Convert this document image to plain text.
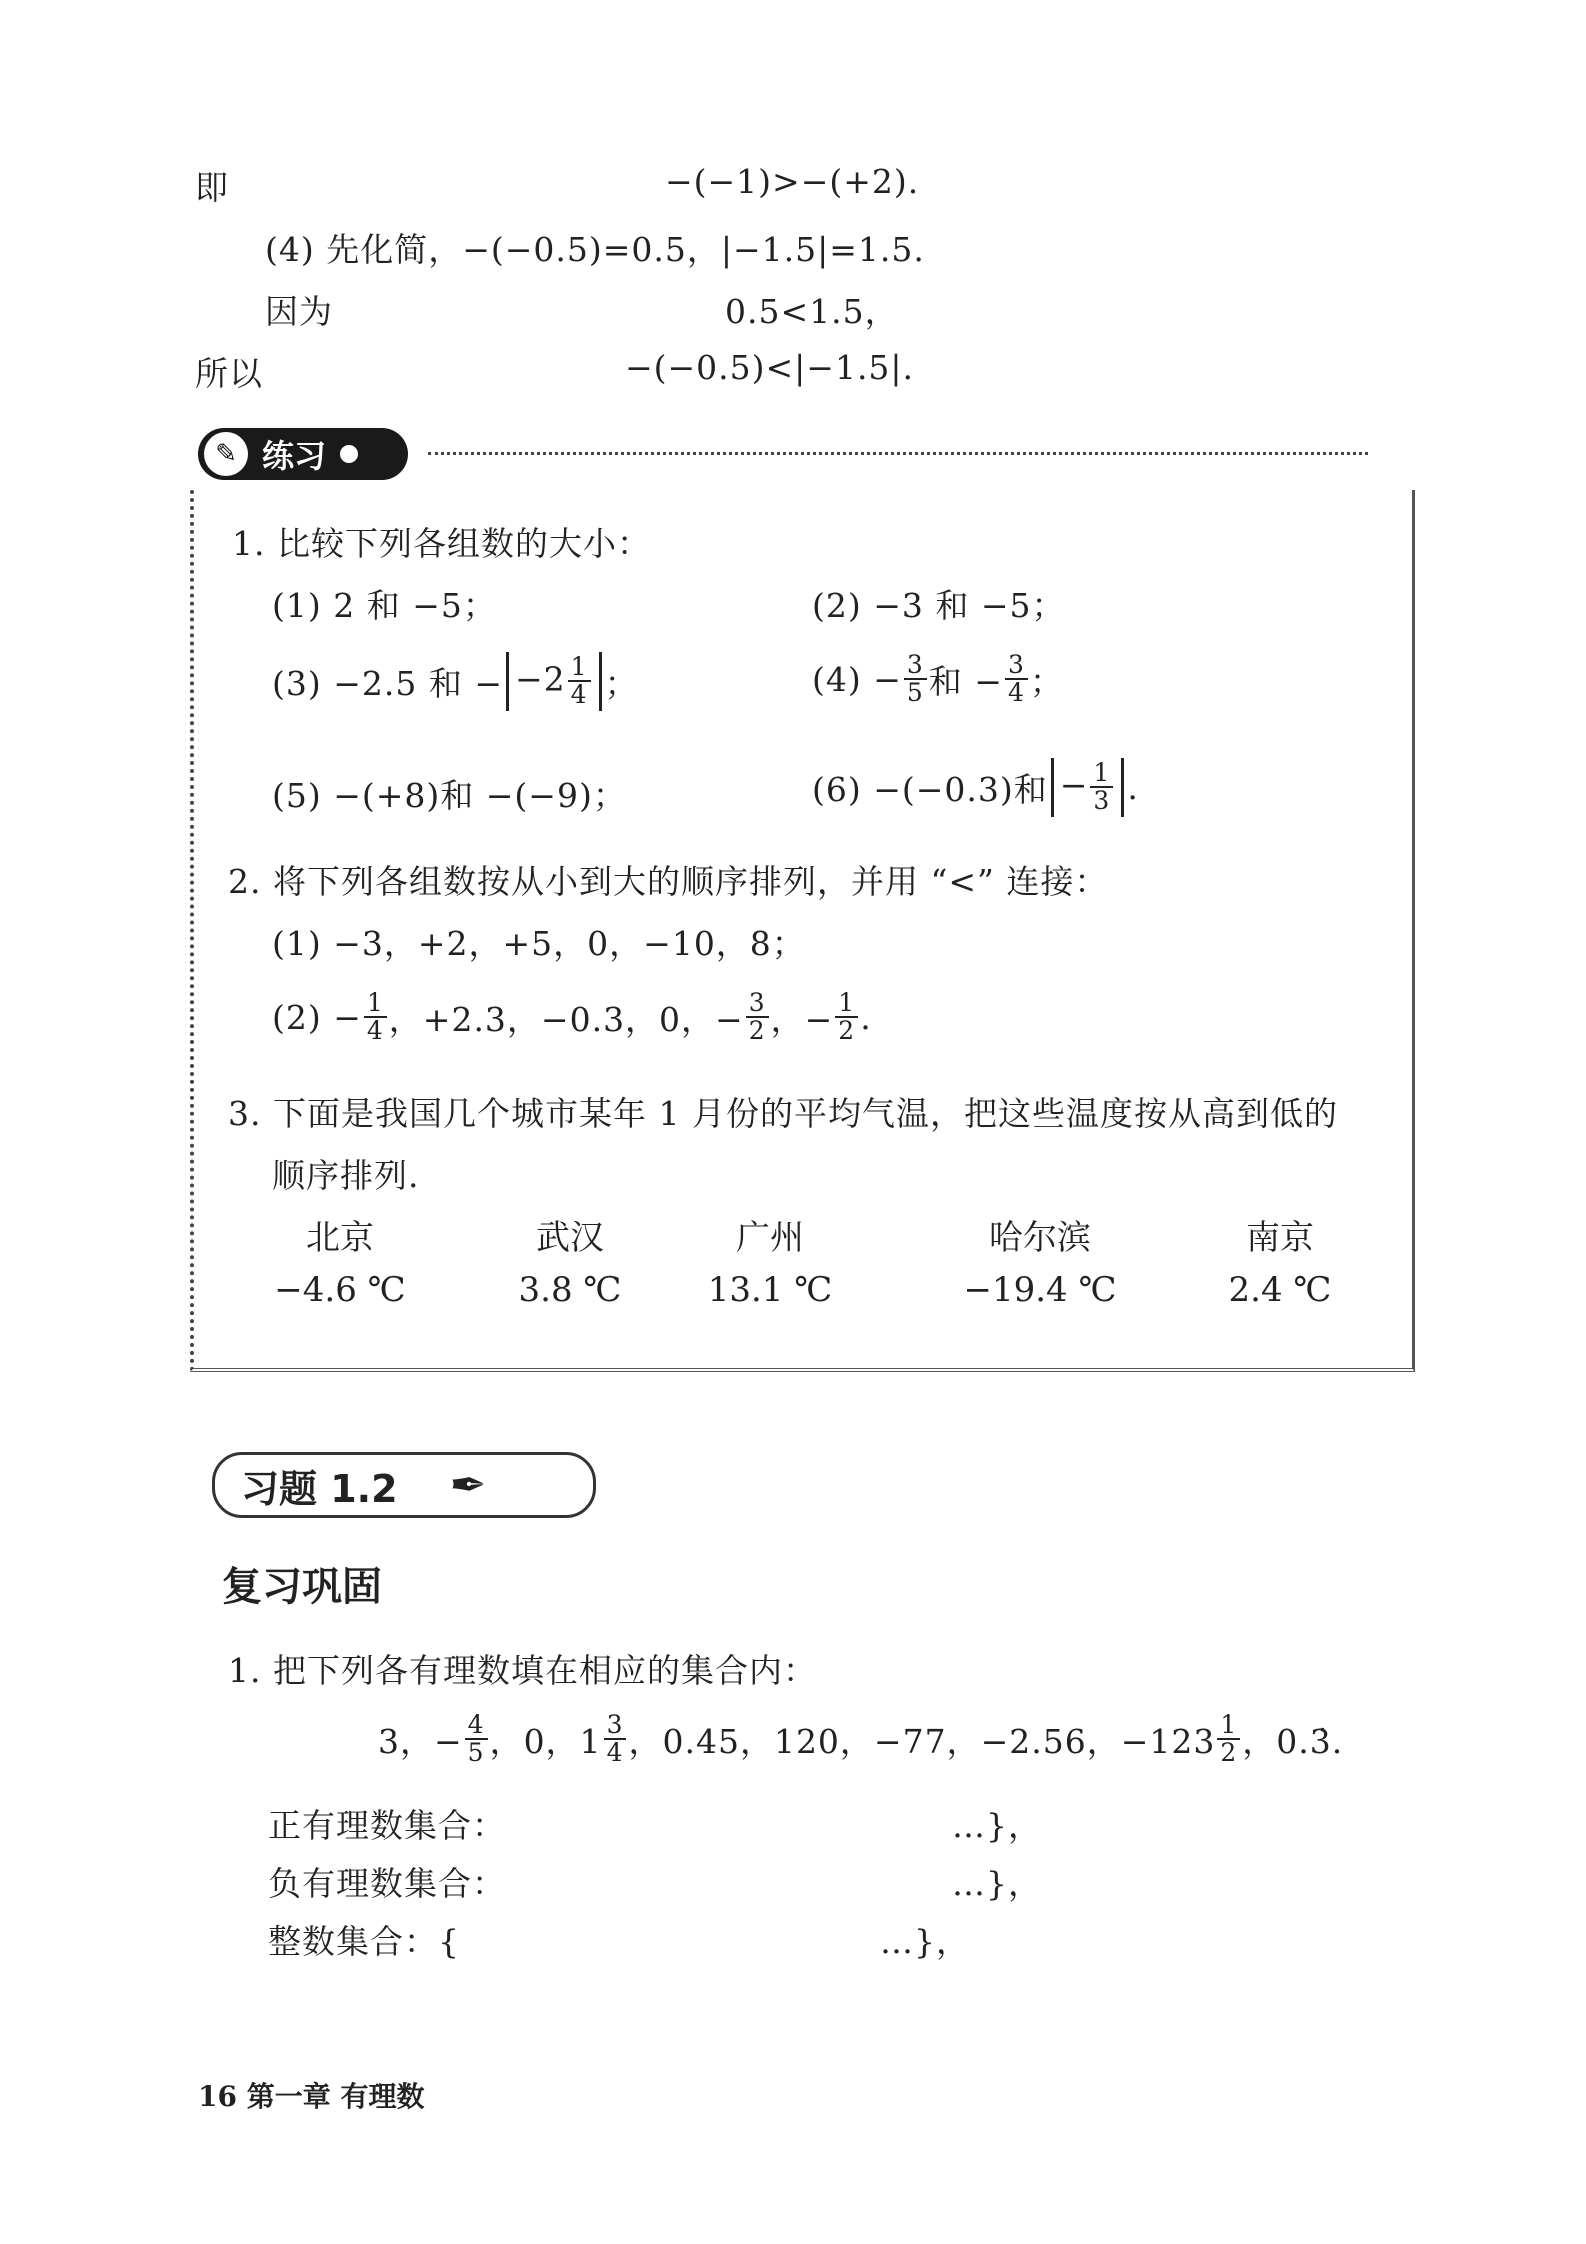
即	−(−1)>−(+2).
(4) 先化简，−(−0.5)=0.5，|−1.5|=1.5.
因为	0.5<1.5，
所以	−(−0.5)<|−1.5|.
✎ 练习
1. 比较下列各组数的大小：
(1) 2 和 −5；	(2) −3 和 −5；
(3) −2.5 和 − $-2 \frac{1}{4}$ ；	$(4) - \frac{3}{5}$ 和 − $\frac{3}{4}$ ；
(5) −(+8)和 −(−9)；	(6) −(−0.3)和 − $\frac{1}{3}$ .
2. 将下列各组数按从小到大的顺序排列，并用 “<” 连接：
(1) −3，+2，+5，0，−10，8；
$(2) - \frac{1}{4}$ ，+2.3，−0.3，0，− $\frac{3}{2}$ ，− $\frac{1}{2}$ .
3. 下面是我国几个城市某年 1 月份的平均气温，把这些温度按从高到低的
顺序排列.
北京	武汉	广州	哈尔滨	南京
−4.6 ℃	3.8 ℃	13.1 ℃	−19.4 ℃	2.4 ℃
习题 1.2 ✒
复习巩固
1. 把下列各有理数填在相应的集合内：
3，− $\frac{4}{5}$ ，0，$1 \frac{3}{4}$ ，0.45，120，−77，−2.56，$-123 \frac{1}{2}$ ，0.3̇.
正有理数集合：	…}，
负有理数集合：	…}，
整数集合：{	…}，
16 第一章 有理数
